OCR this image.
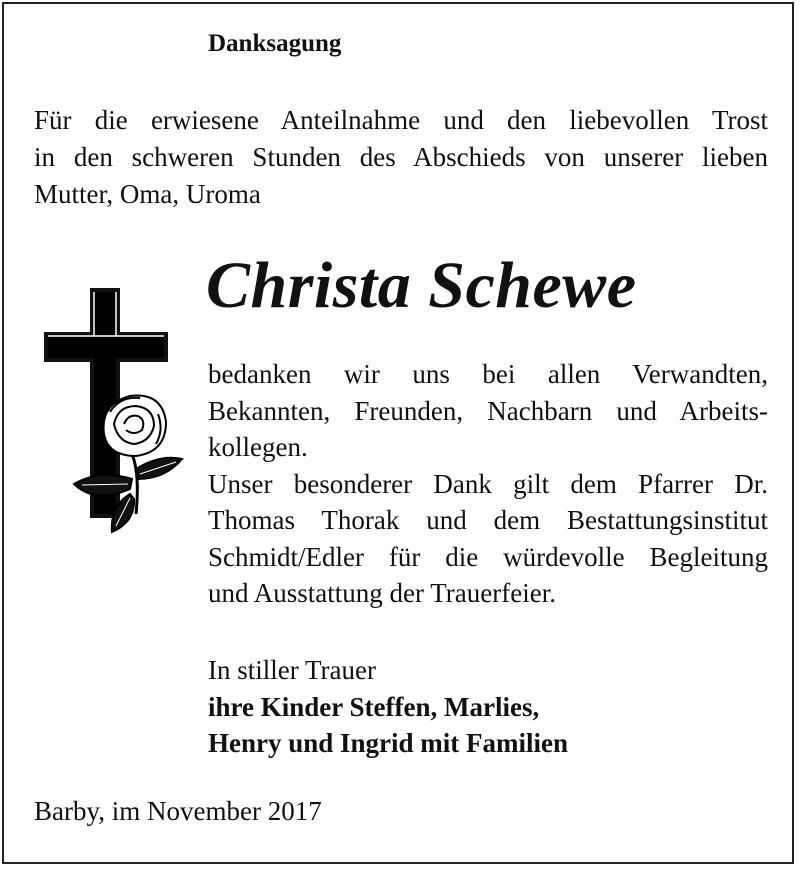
Danksagung
Für die erwiesene Anteilnahme und den liebevollen Trost
in den schweren Stunden des Abschieds von unserer lieben
Mutter, Oma, Uroma
Christa Schewe
bedanken wir uns bei allen Verwandten,
Bekannten, Freunden, Nachbarn und Arbeits-
kollegen.
Unser besonderer Dank gilt dem Pfarrer Dr.
Thomas Thorak und dem Bestattungsinstitut
Schmidt/Edler für die würdevolle Begleitung
und Ausstattung der Trauerfeier.
In stiller Trauer
ihre Kinder Steffen, Marlies,
Henry und Ingrid mit Familien
Barby, im November 2017
